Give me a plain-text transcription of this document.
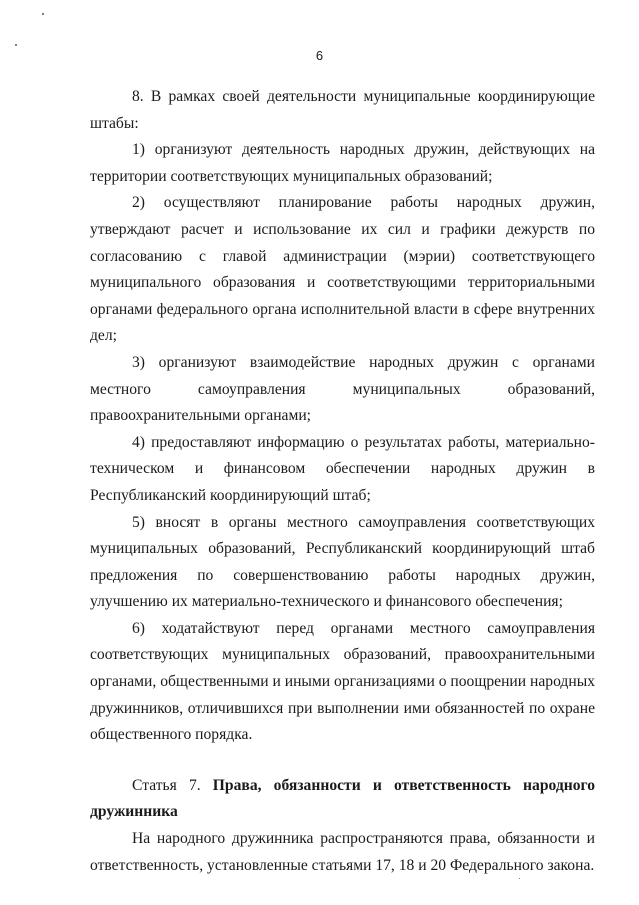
6

8. В рамках своей деятельности муниципальные координирующие штабы:

1) организуют деятельность народных дружин, действующих на территории соответствующих муниципальных образований;

2) осуществляют планирование работы народных дружин, утверждают расчет и использование их сил и графики дежурств по согласованию с главой администрации (мэрии) соответствующего муниципального образования и соответствующими территориальными органами федерального органа исполнительной власти в сфере внутренних дел;

3) организуют взаимодействие народных дружин с органами местного самоуправления муниципальных образований, правоохранительными органами;

4) предоставляют информацию о результатах работы, материально-техническом и финансовом обеспечении народных дружин в Республиканский координирующий штаб;

5) вносят в органы местного самоуправления соответствующих муниципальных образований, Республиканский координирующий штаб предложения по совершенствованию работы народных дружин, улучшению их материально-технического и финансового обеспечения;

6) ходатайствуют перед органами местного самоуправления соответствующих муниципальных образований, правоохранительными органами, общественными и иными организациями о поощрении народных дружинников, отличившихся при выполнении ими обязанностей по охране общественного порядка.

Статья 7. Права, обязанности и ответственность народного дружинника

На народного дружинника распространяются права, обязанности и ответственность, установленные статьями 17, 18 и 20 Федерального закона.
